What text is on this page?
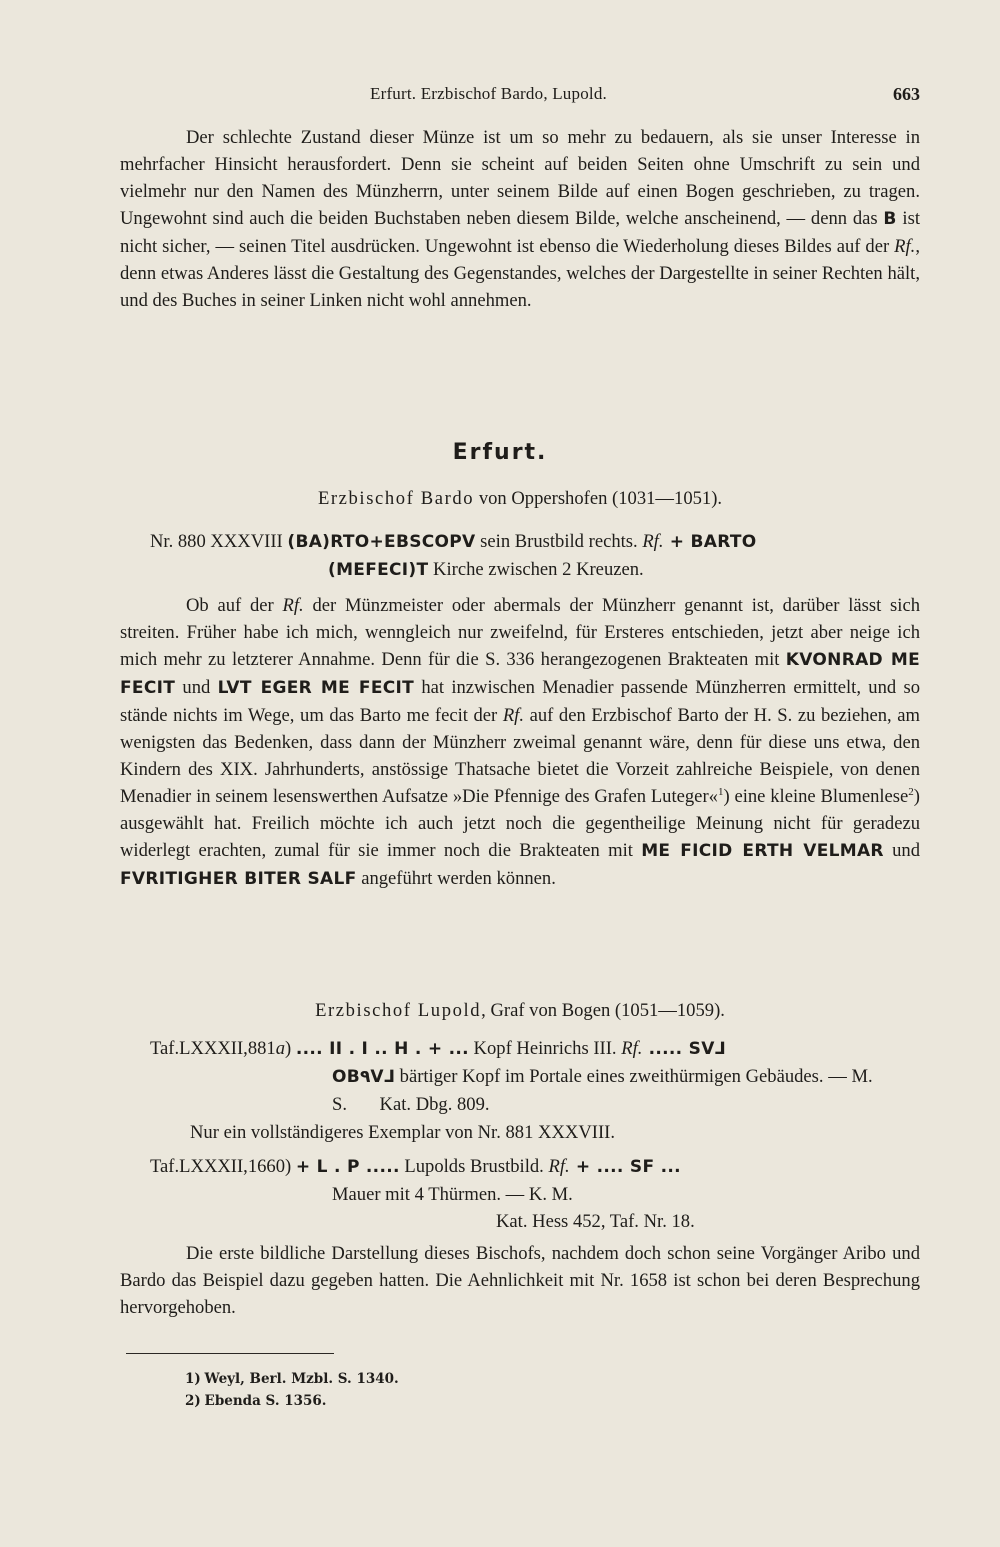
Erfurt. Erzbischof Bardo, Lupold.	663

Der schlechte Zustand dieser Münze ist um so mehr zu bedauern, als sie unser Interesse in mehrfacher Hinsicht herausfordert. Denn sie scheint auf beiden Seiten ohne Umschrift zu sein und vielmehr nur den Namen des Münzherrn, unter seinem Bilde auf einen Bogen geschrieben, zu tragen. Ungewohnt sind auch die beiden Buchstaben neben diesem Bilde, welche anscheinend, — denn das B ist nicht sicher, — seinen Titel ausdrücken. Ungewohnt ist ebenso die Wiederholung dieses Bildes auf der Rf., denn etwas Anderes lässt die Gestaltung des Gegenstandes, welches der Dargestellte in seiner Rechten hält, und des Buches in seiner Linken nicht wohl annehmen.

Erfurt.
Erzbischof Bardo von Oppershofen (1031—1051).
Nr. 880 XXXVIII (BA)RTO+EBSCOPV sein Brustbild rechts. Rf. + BARTO
(MEFECI)T Kirche zwischen 2 Kreuzen.

Ob auf der Rf. der Münzmeister oder abermals der Münzherr genannt ist, darüber lässt sich streiten. Früher habe ich mich, wenngleich nur zweifelnd, für Ersteres entschieden, jetzt aber neige ich mich mehr zu letzterer Annahme. Denn für die S. 336 herangezogenen Brakteaten mit KVONRAD ME FECIT und LVT EGER ME FECIT hat inzwischen Menadier passende Münzherren ermittelt, und so stände nichts im Wege, um das Barto me fecit der Rf. auf den Erzbischof Barto der H. S. zu beziehen, am wenigsten das Bedenken, dass dann der Münzherr zweimal genannt wäre, denn für diese uns etwa, den Kindern des XIX. Jahrhunderts, anstössige Thatsache bietet die Vorzeit zahlreiche Beispiele, von denen Menadier in seinem lesenswerthen Aufsatze »Die Pfennige des Grafen Luteger«$^1$) eine kleine Blumenlese$^2$) ausgewählt hat. Freilich möchte ich auch jetzt noch die gegentheilige Meinung nicht für geradezu widerlegt erachten, zumal für sie immer noch die Brakteaten mit ME FICID ERTH VELMAR und FVRITIGHER BITER SALF angeführt werden können.

Erzbischof Lupold, Graf von Bogen (1051—1059).
Taf.LXXXII,881a) .... II . I .. H . + ... Kopf Heinrichs III. Rf. ..... SV⅃
OB٩V⅃ bärtiger Kopf im Portale eines zweithürmigen Gebäudes. — M. S. Kat. Dbg. 809.
Nur ein vollständigeres Exemplar von Nr. 881 XXXVIII.
Taf.LXXXII,1660) + L . P ..... Lupolds Brustbild. Rf. + .... SF ...
Mauer mit 4 Thürmen. — K. M.
Kat. Hess 452, Taf. Nr. 18.

Die erste bildliche Darstellung dieses Bischofs, nachdem doch schon seine Vorgänger Aribo und Bardo das Beispiel dazu gegeben hatten. Die Aehnlichkeit mit Nr. 1658 ist schon bei deren Besprechung hervorgehoben.

1) Weyl, Berl. Mzbl. S. 1340.
2) Ebenda S. 1356.
